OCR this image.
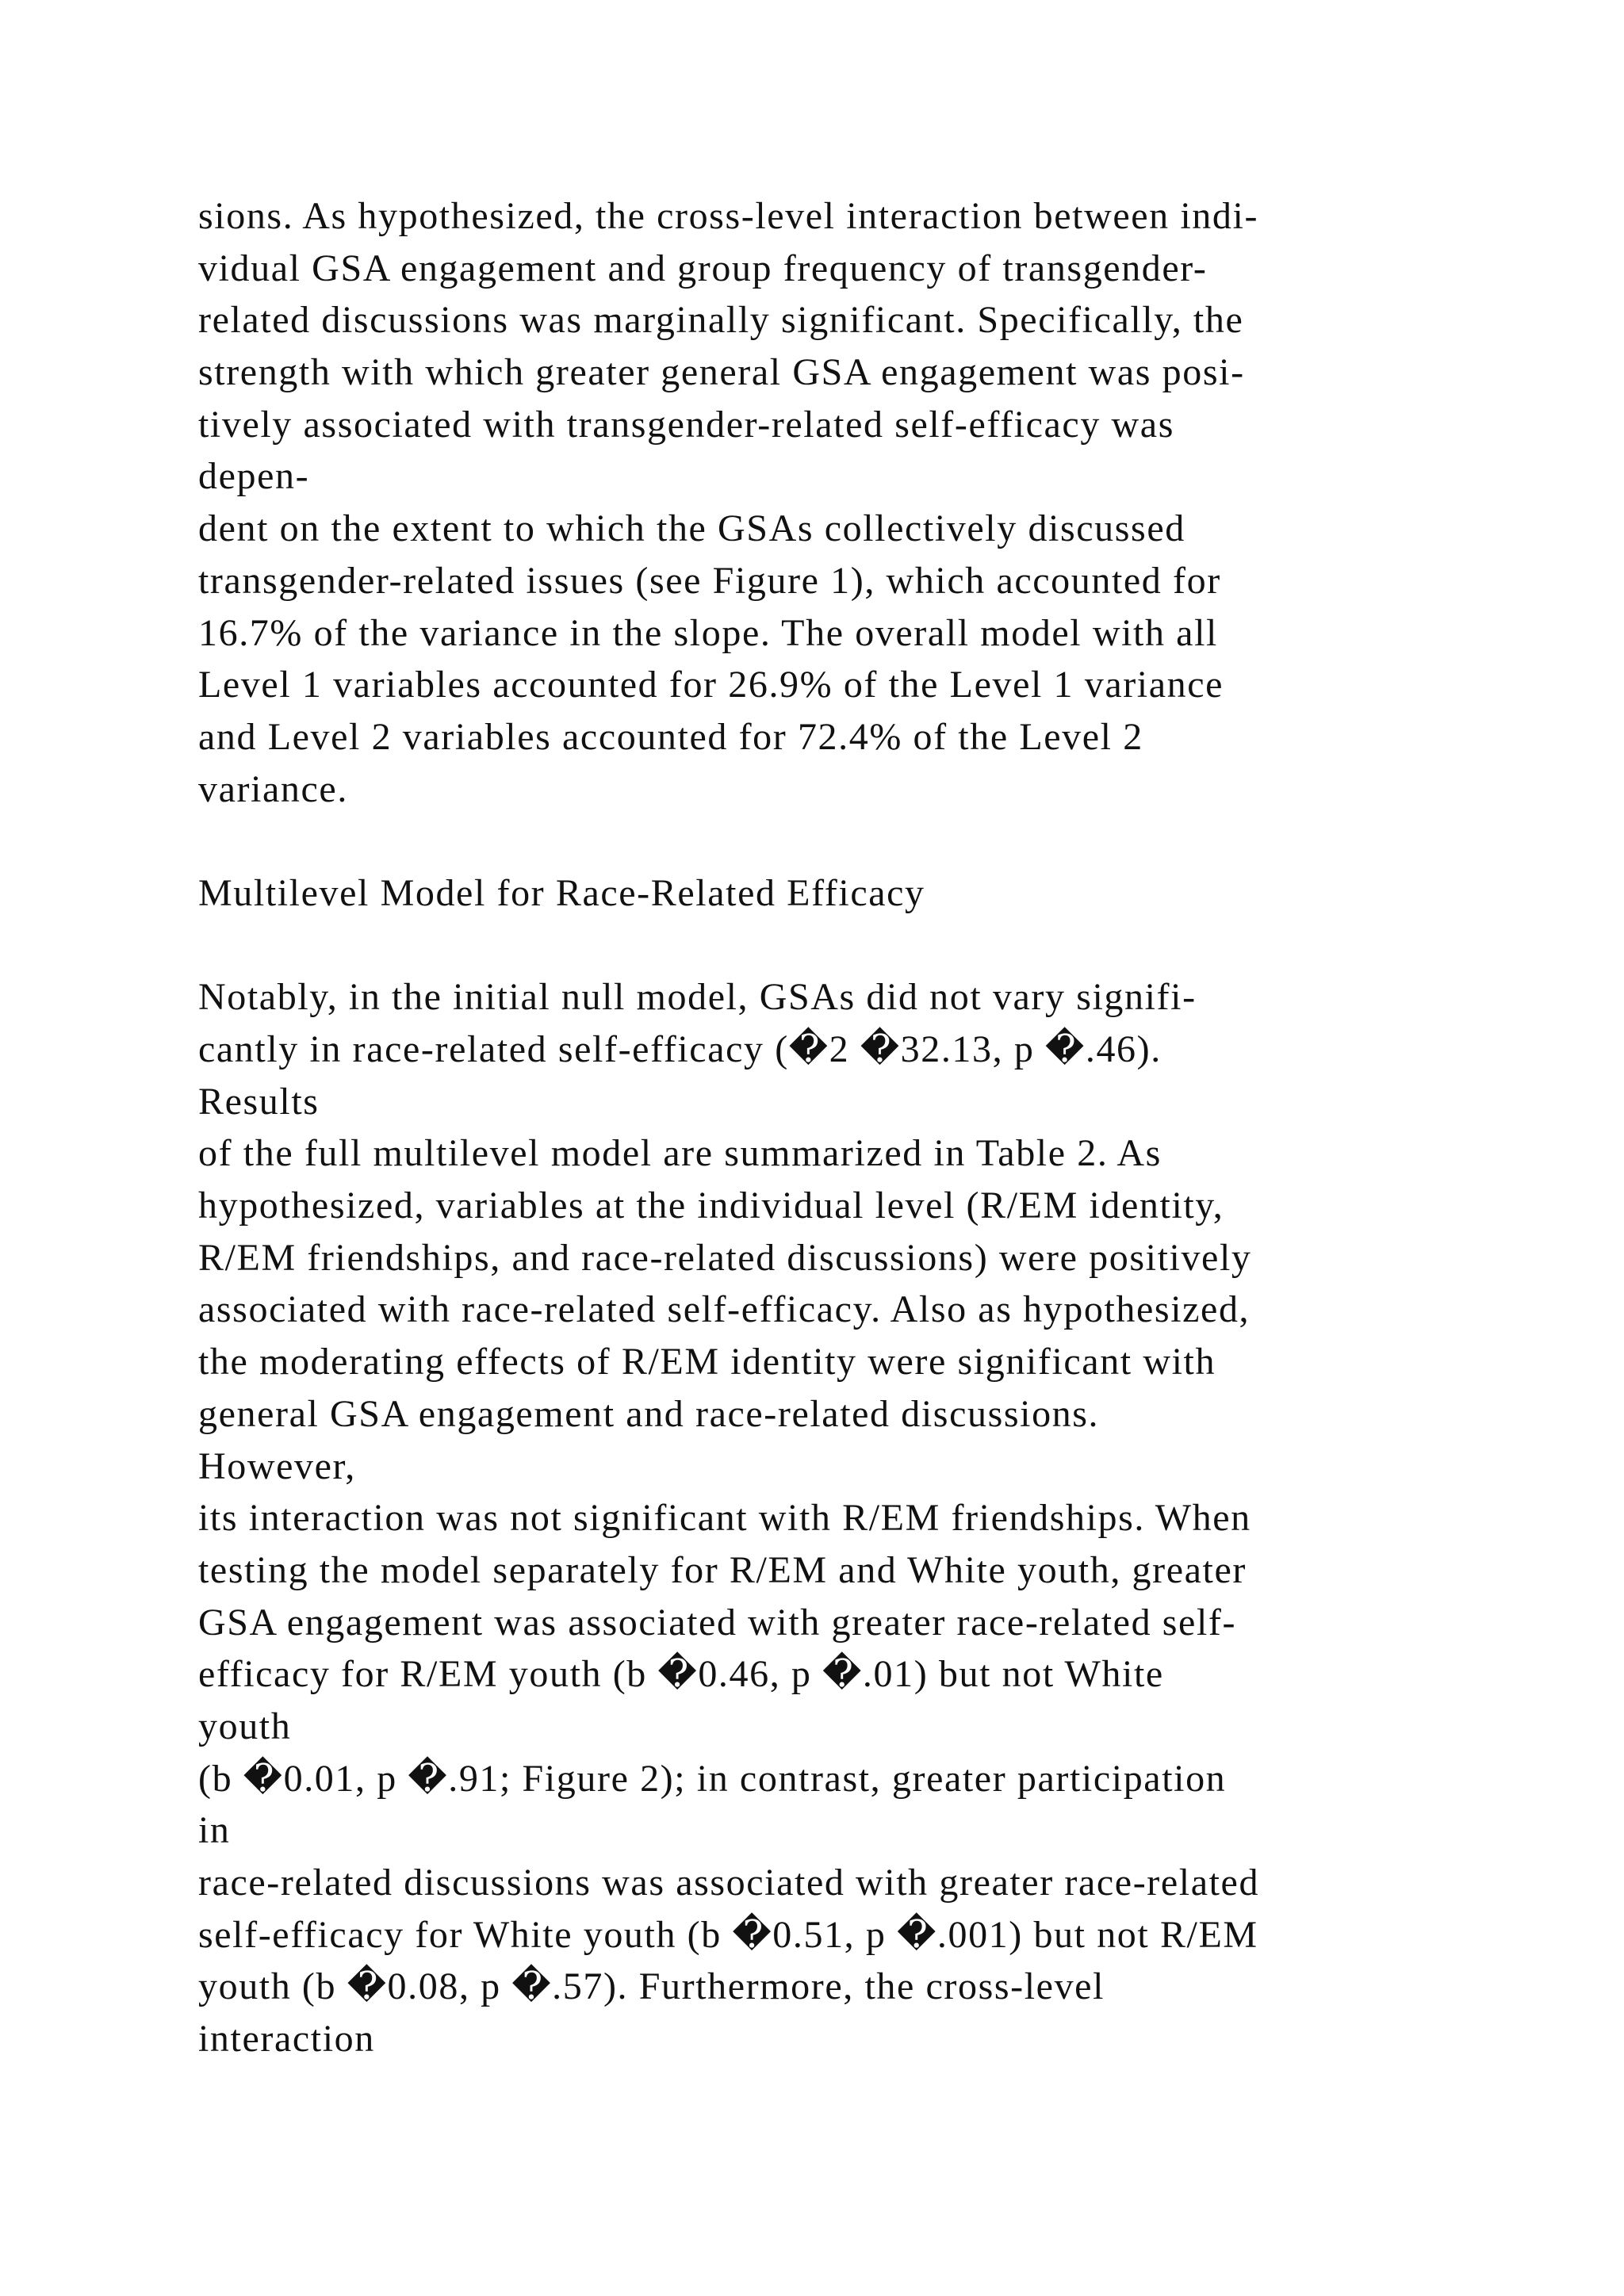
sions. As hypothesized, the cross-level interaction between indi-
vidual GSA engagement and group frequency of transgender-
related discussions was marginally significant. Specifically, the
strength with which greater general GSA engagement was posi-
tively associated with transgender-related self-efficacy was
depen-
dent on the extent to which the GSAs collectively discussed
transgender-related issues (see Figure 1), which accounted for
16.7% of the variance in the slope. The overall model with all
Level 1 variables accounted for 26.9% of the Level 1 variance
and Level 2 variables accounted for 72.4% of the Level 2
variance.
Multilevel Model for Race-Related Efficacy
Notably, in the initial null model, GSAs did not vary signifi-
cantly in race-related self-efficacy (�2 �32.13, p �.46).
Results
of the full multilevel model are summarized in Table 2. As
hypothesized, variables at the individual level (R/EM identity,
R/EM friendships, and race-related discussions) were positively
associated with race-related self-efficacy. Also as hypothesized,
the moderating effects of R/EM identity were significant with
general GSA engagement and race-related discussions.
However,
its interaction was not significant with R/EM friendships. When
testing the model separately for R/EM and White youth, greater
GSA engagement was associated with greater race-related self-
efficacy for R/EM youth (b �0.46, p �.01) but not White
youth
(b �0.01, p �.91; Figure 2); in contrast, greater participation
in
race-related discussions was associated with greater race-related
self-efficacy for White youth (b �0.51, p �.001) but not R/EM
youth (b �0.08, p �.57). Furthermore, the cross-level
interaction
